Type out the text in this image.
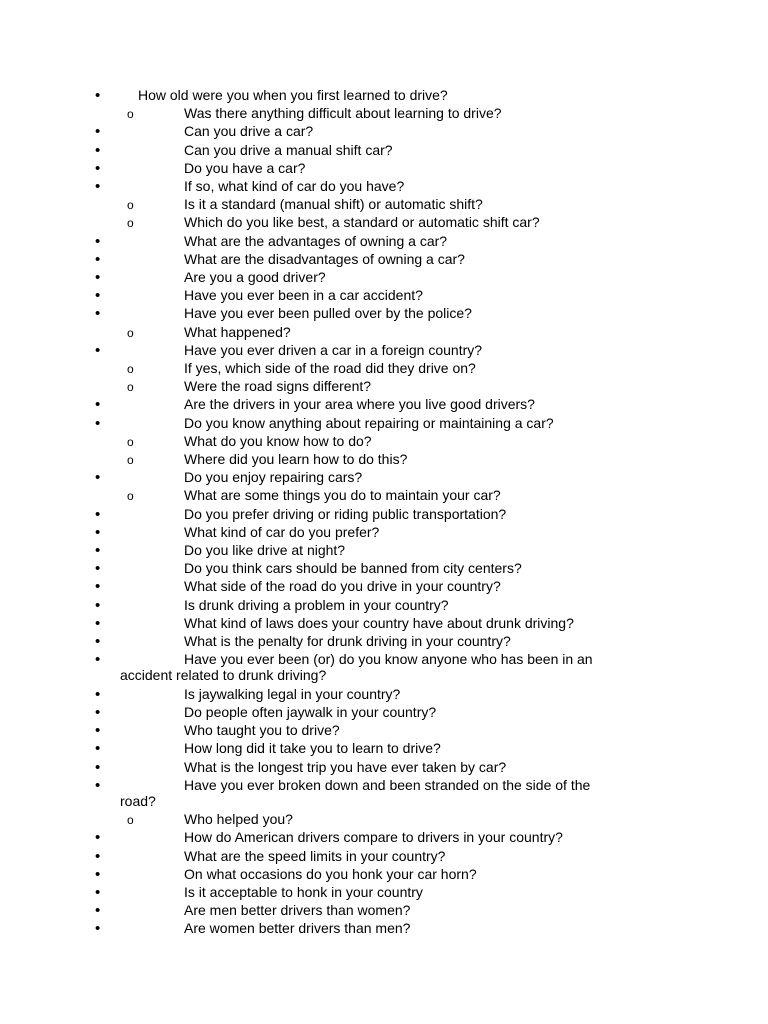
•	How old were you when you first learned to drive?
o	Was there anything difficult about learning to drive?
•	Can you drive a car?
•	Can you drive a manual shift car?
•	Do you have a car?
•	If so, what kind of car do you have?
o	Is it a standard (manual shift) or automatic shift?
o	Which do you like best, a standard or automatic shift car?
•	What are the advantages of owning a car?
•	What are the disadvantages of owning a car?
•	Are you a good driver?
•	Have you ever been in a car accident?
•	Have you ever been pulled over by the police?
o	What happened?
•	Have you ever driven a car in a foreign country?
o	If yes, which side of the road did they drive on?
o	Were the road signs different?
•	Are the drivers in your area where you live good drivers?
•	Do you know anything about repairing or maintaining a car?
o	What do you know how to do?
o	Where did you learn how to do this?
•	Do you enjoy repairing cars?
o	What are some things you do to maintain your car?
•	Do you prefer driving or riding public transportation?
•	What kind of car do you prefer?
•	Do you like drive at night?
•	Do you think cars should be banned from city centers?
•	What side of the road do you drive in your country?
•	Is drunk driving a problem in your country?
•	What kind of laws does your country have about drunk driving?
•	What is the penalty for drunk driving in your country?
•	Have you ever been (or) do you know anyone who has been in an
accident related to drunk driving?
•	Is jaywalking legal in your country?
•	Do people often jaywalk in your country?
•	Who taught you to drive?
•	How long did it take you to learn to drive?
•	What is the longest trip you have ever taken by car?
•	Have you ever broken down and been stranded on the side of the
road?
o	Who helped you?
•	How do American drivers compare to drivers in your country?
•	What are the speed limits in your country?
•	On what occasions do you honk your car horn?
•	Is it acceptable to honk in your country
•	Are men better drivers than women?
•	Are women better drivers than men?
